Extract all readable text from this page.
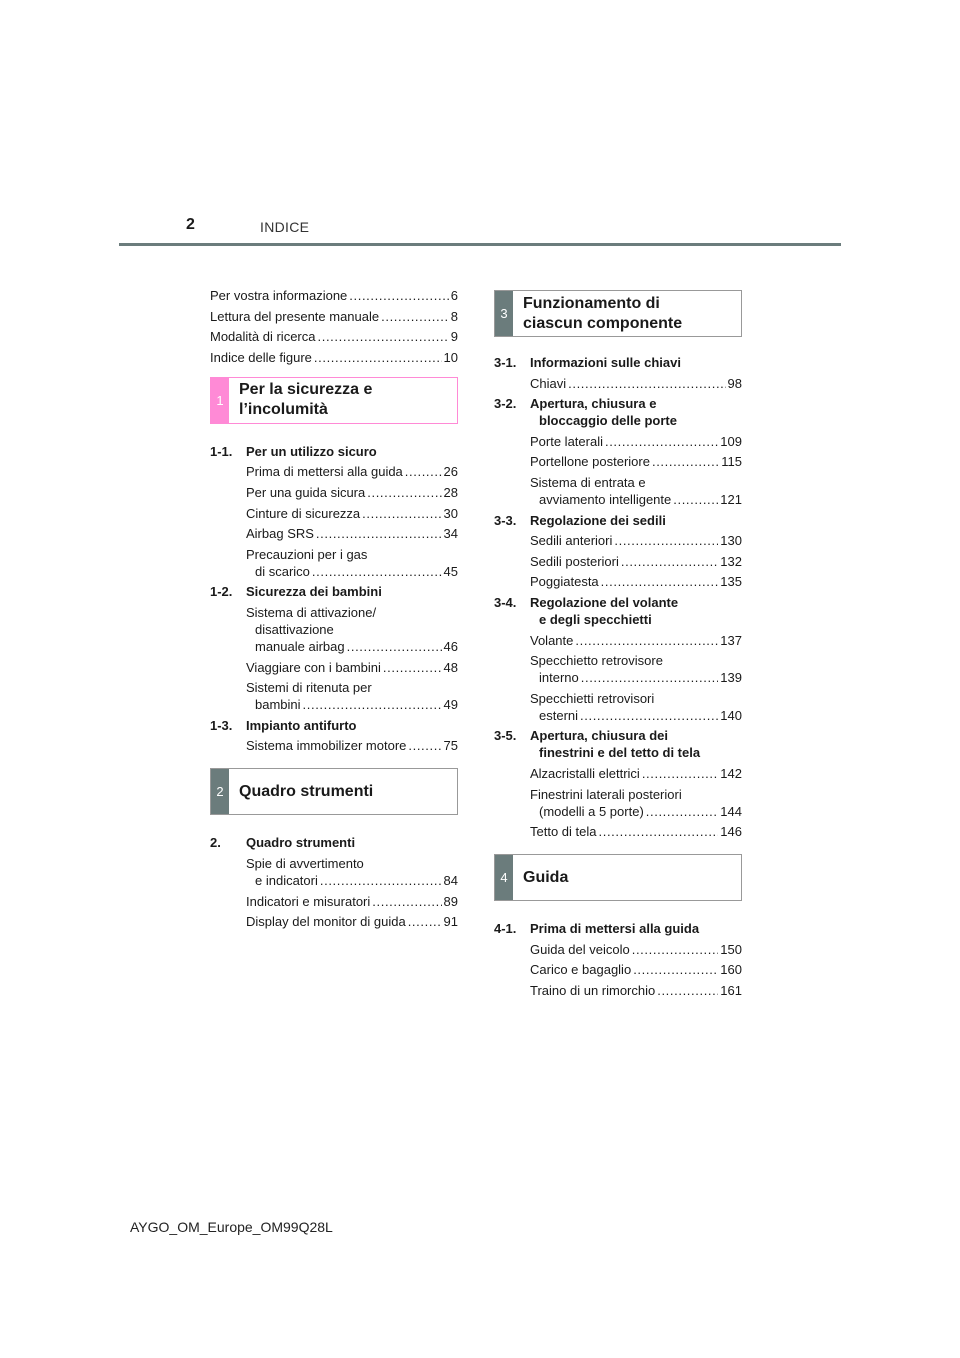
2	INDICE
Per vostra informazione . . .	6
Lettura del presente manuale . . .	8
Modalità di ricerca . . .	9
Indice delle figure . . .	10
1
Per la sicurezza e
l’incolumità
1-1.	Per un utilizzo sicuro
Prima di mettersi alla guida . . .	26
Per una guida sicura . . .	28
Cinture di sicurezza . . .	30
Airbag SRS . . .	34
Precauzioni per i gas
di scarico . . .	45
1-2.	Sicurezza dei bambini
Sistema di attivazione/
disattivazione
manuale airbag . . .	46
Viaggiare con i bambini . . .	48
Sistemi di ritenuta per
bambini . . .	49
1-3.	Impianto antifurto
Sistema immobilizer motore . . .	75
2 Quadro strumenti
2.	Quadro strumenti
Spie di avvertimento
e indicatori . . .	84
Indicatori e misuratori . . .	89
Display del monitor di guida . . .	91
3
Funzionamento di
ciascun componente
3-1.	Informazioni sulle chiavi
Chiavi . . .	98
3-2.	Apertura, chiusura e
bloccaggio delle porte
Porte laterali . . .	109
Portellone posteriore . . .	115
Sistema di entrata e
avviamento intelligente . . .	121
3-3.	Regolazione dei sedili
Sedili anteriori . . .	130
Sedili posteriori . . .	132
Poggiatesta . . .	135
3-4.	Regolazione del volante
e degli specchietti
Volante . . .	137
Specchietto retrovisore
interno . . .	139
Specchietti retrovisori
esterni . . .	140
3-5.	Apertura, chiusura dei
finestrini e del tetto di tela
Alzacristalli elettrici . . .	142
Finestrini laterali posteriori
(modelli a 5 porte) . . .	144
Tetto di tela . . .	146
4 Guida
4-1.	Prima di mettersi alla guida
Guida del veicolo . . .	150
Carico e bagaglio . . .	160
Traino di un rimorchio . . .	161
AYGO_OM_Europe_OM99Q28L
